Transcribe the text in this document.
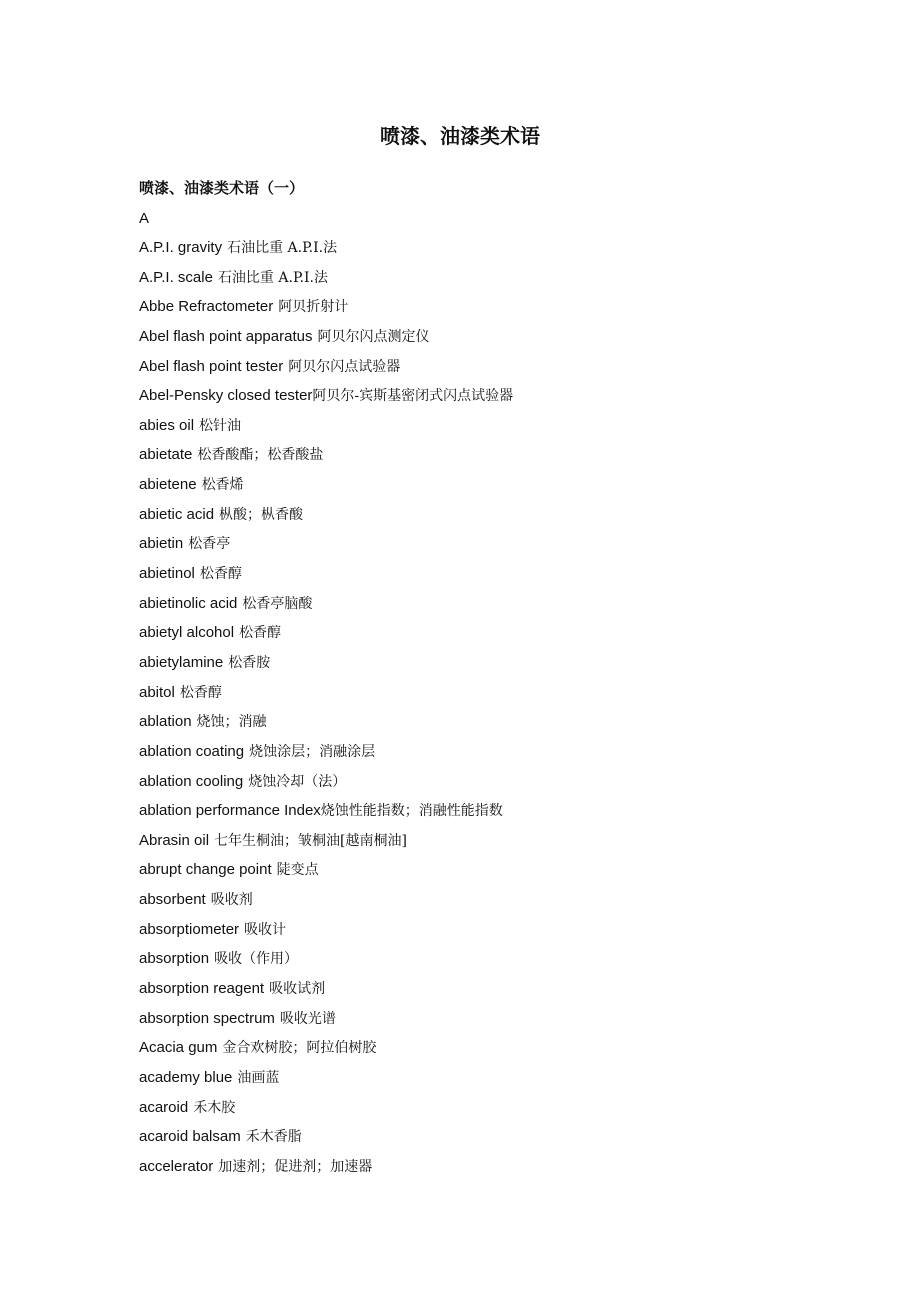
喷漆、油漆类术语
喷漆、油漆类术语（一）
A
A.P.I. gravity 石油比重 A.P.I.法
A.P.I. scale 石油比重 A.P.I.法
Abbe Refractometer 阿贝折射计
Abel flash point apparatus 阿贝尔闪点测定仪
Abel flash point tester 阿贝尔闪点试验器
Abel-Pensky closed tester阿贝尔-宾斯基密闭式闪点试验器
abies oil 松针油
abietate 松香酸酯；松香酸盐
abietene 松香烯
abietic acid 枞酸；枞香酸
abietin 松香亭
abietinol 松香醇
abietinolic acid 松香亭脑酸
abietyl alcohol 松香醇
abietylamine 松香胺
abitol 松香醇
ablation 烧蚀；消融
ablation coating 烧蚀涂层；消融涂层
ablation cooling 烧蚀冷却（法）
ablation performance Index烧蚀性能指数；消融性能指数
Abrasin oil 七年生桐油；皱桐油[越南桐油]
abrupt change point 陡变点
absorbent 吸收剂
absorptiometer 吸收计
absorption 吸收（作用）
absorption reagent 吸收试剂
absorption spectrum 吸收光谱
Acacia gum 金合欢树胶；阿拉伯树胶
academy blue 油画蓝
acaroid 禾木胶
acaroid balsam 禾木香脂
accelerator 加速剂；促进剂；加速器
